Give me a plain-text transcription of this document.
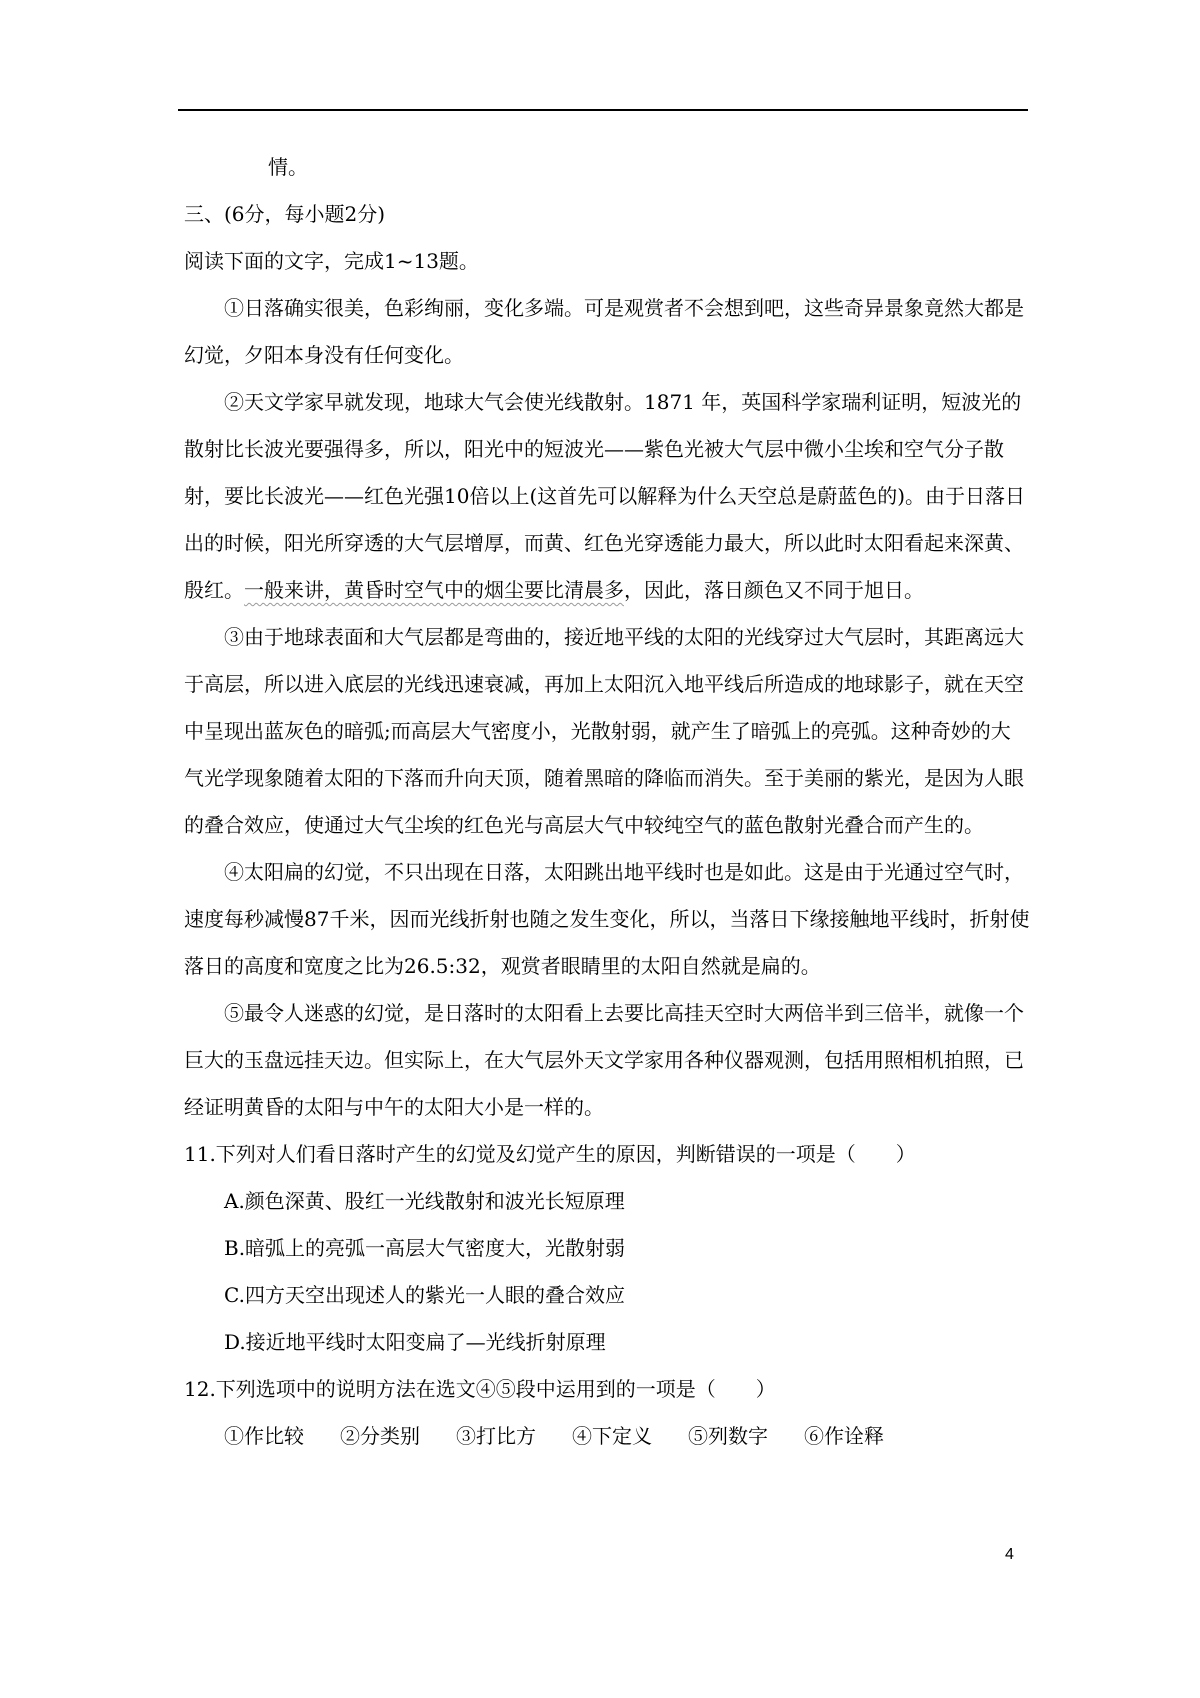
情。

三、(6分，每小题2分)

阅读下面的文字，完成1~13题。

①日落确实很美，色彩绚丽，变化多端。可是观赏者不会想到吧，这些奇异景象竟然大都是幻觉，夕阳本身没有任何变化。

②天文学家早就发现，地球大气会使光线散射。1871 年，英国科学家瑞利证明，短波光的散射比长波光要强得多，所以，阳光中的短波光——紫色光被大气层中微小尘埃和空气分子散射，要比长波光——红色光强10倍以上(这首先可以解释为什么天空总是蔚蓝色的)。由于日落日出的时候，阳光所穿透的大气层增厚，而黄、红色光穿透能力最大，所以此时太阳看起来深黄、殷红。一般来讲，黄昏时空气中的烟尘要比清晨多，因此，落日颜色又不同于旭日。

③由于地球表面和大气层都是弯曲的，接近地平线的太阳的光线穿过大气层时，其距离远大于高层，所以进入底层的光线迅速衰减，再加上太阳沉入地平线后所造成的地球影子，就在天空中呈现出蓝灰色的暗弧;而高层大气密度小，光散射弱，就产生了暗弧上的亮弧。这种奇妙的大气光学现象随着太阳的下落而升向天顶，随着黑暗的降临而消失。至于美丽的紫光，是因为人眼的叠合效应，使通过大气尘埃的红色光与高层大气中较纯空气的蓝色散射光叠合而产生的。

④太阳扁的幻觉，不只出现在日落，太阳跳出地平线时也是如此。这是由于光通过空气时，速度每秒减慢87千米，因而光线折射也随之发生变化，所以，当落日下缘接触地平线时，折射使落日的高度和宽度之比为26.5:32，观赏者眼睛里的太阳自然就是扁的。

⑤最令人迷惑的幻觉，是日落时的太阳看上去要比高挂天空时大两倍半到三倍半，就像一个巨大的玉盘远挂天边。但实际上，在大气层外天文学家用各种仪器观测，包括用照相机拍照，已经证明黄昏的太阳与中午的太阳大小是一样的。

11.下列对人们看日落时产生的幻觉及幻觉产生的原因，判断错误的一项是（　　）

A.颜色深黄、股红一光线散射和波光长短原理

B.暗弧上的亮弧一高层大气密度大，光散射弱

C.四方天空出现述人的紫光一人眼的叠合效应

D.接近地平线时太阳变扁了—光线折射原理

12.下列选项中的说明方法在选文④⑤段中运用到的一项是（　　）

①作比较 ②分类别 ③打比方 ④下定义 ⑤列数字 ⑥作诠释

4
